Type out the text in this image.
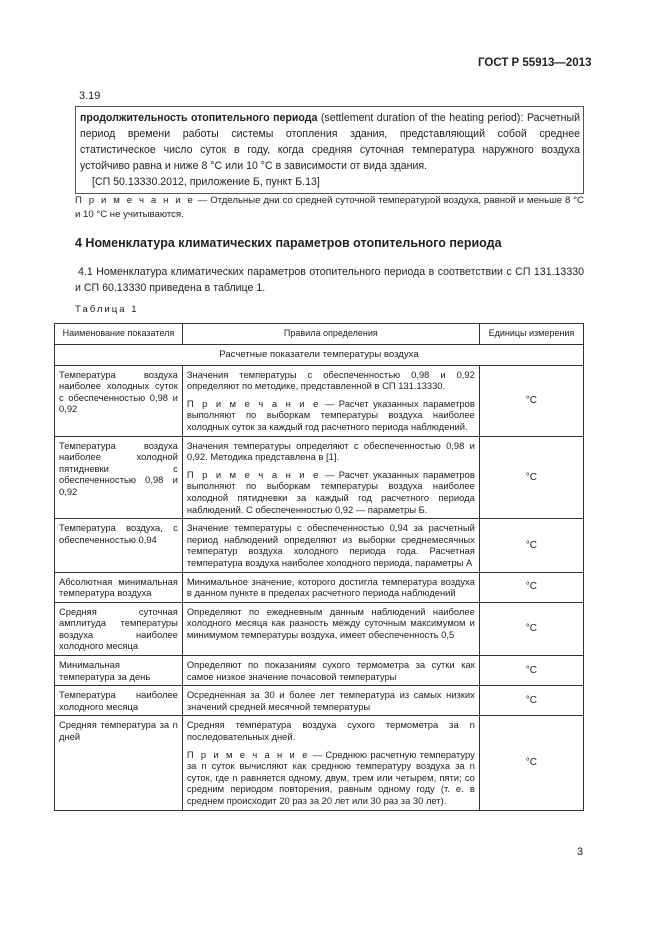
ГОСТ Р 55913—2013
3.19
продолжительность отопительного периода (settlement duration of the heating period): Расчетный период времени работы системы отопления здания, представляющий собой среднее статистическое число суток в году, когда средняя суточная температура наружного воздуха устойчиво равна и ниже 8 °С или 10 °С в зависимости от вида здания.
[СП 50.13330.2012, приложение Б, пункт Б.13]
П р и м е ч а н и е — Отдельные дни со средней суточной температурой воздуха, равной и меньше 8 °С и 10 °С не учитываются.
4 Номенклатура климатических параметров отопительного периода
4.1 Номенклатура климатических параметров отопительного периода в соответствии с СП 131.13330 и СП 60.13330 приведена в таблице 1.
Таблица 1
Наименование показателя	Правила определения	Единицы измерения
Расчетные показатели температуры воздуха		
Температура воздуха наиболее холодных суток с обеспеченностью 0,98 и 0,92	Значения температуры с обеспеченностью 0,98 и 0,92 определяют по методике, представленной в СП 131.13330.
П р и м е ч а н и е — Расчет указанных параметров выполняют по выборкам температуры воздуха наиболее холодных суток за каждый год расчетного периода наблюдений.	°С
Температура воздуха наиболее холодной пятидневки с обеспеченностью 0,98 и 0,92	Значения температуры определяют с обеспеченностью 0,98 и 0,92. Методика представлена в [1].
П р и м е ч а н и е — Расчет указанных параметров выполняют по выборкам температуры воздуха наиболее холодной пятидневки за каждый год расчетного периода наблюдений. С обеспеченностью 0,92 — параметры Б.	°С
Температура воздуха, с обеспеченностью 0,94	Значение температуры с обеспеченностью 0,94 за расчетный период наблюдений определяют из выборки среднемесячных температур воздуха холодного периода года. Расчетная температура воздуха наиболее холодного периода, параметры А	°С
Абсолютная минимальная температура воздуха	Минимальное значение, которого достигла температура воздуха в данном пункте в пределах расчетного периода наблюдений	°С
Средняя суточная амплитуда температуры воздуха наиболее холодного месяца	Определяют по ежедневным данным наблюдений наиболее холодного месяца как разность между суточным максимумом и минимумом температуры воздуха, имеет обеспеченность 0,5	°С
Минимальная температура за день	Определяют по показаниям сухого термометра за сутки как самое низкое значение почасовой температуры	°С
Температура наиболее холодного месяца	Осредненная за 30 и более лет температура из самых низких значений средней месячной температуры	°С
Средняя температура за n дней	Средняя температура воздуха сухого термометра за n последовательных дней.
П р и м е ч а н и е — Среднюю расчетную температуру за n суток вычисляют как среднюю температуру воздуха за n суток, где n равняется одному, двум, трем или четырем, пяти; со средним периодом повторения, равным одному году (т. е. в среднем происходит 20 раз за 20 лет или 30 раз за 30 лет).	°С
3
